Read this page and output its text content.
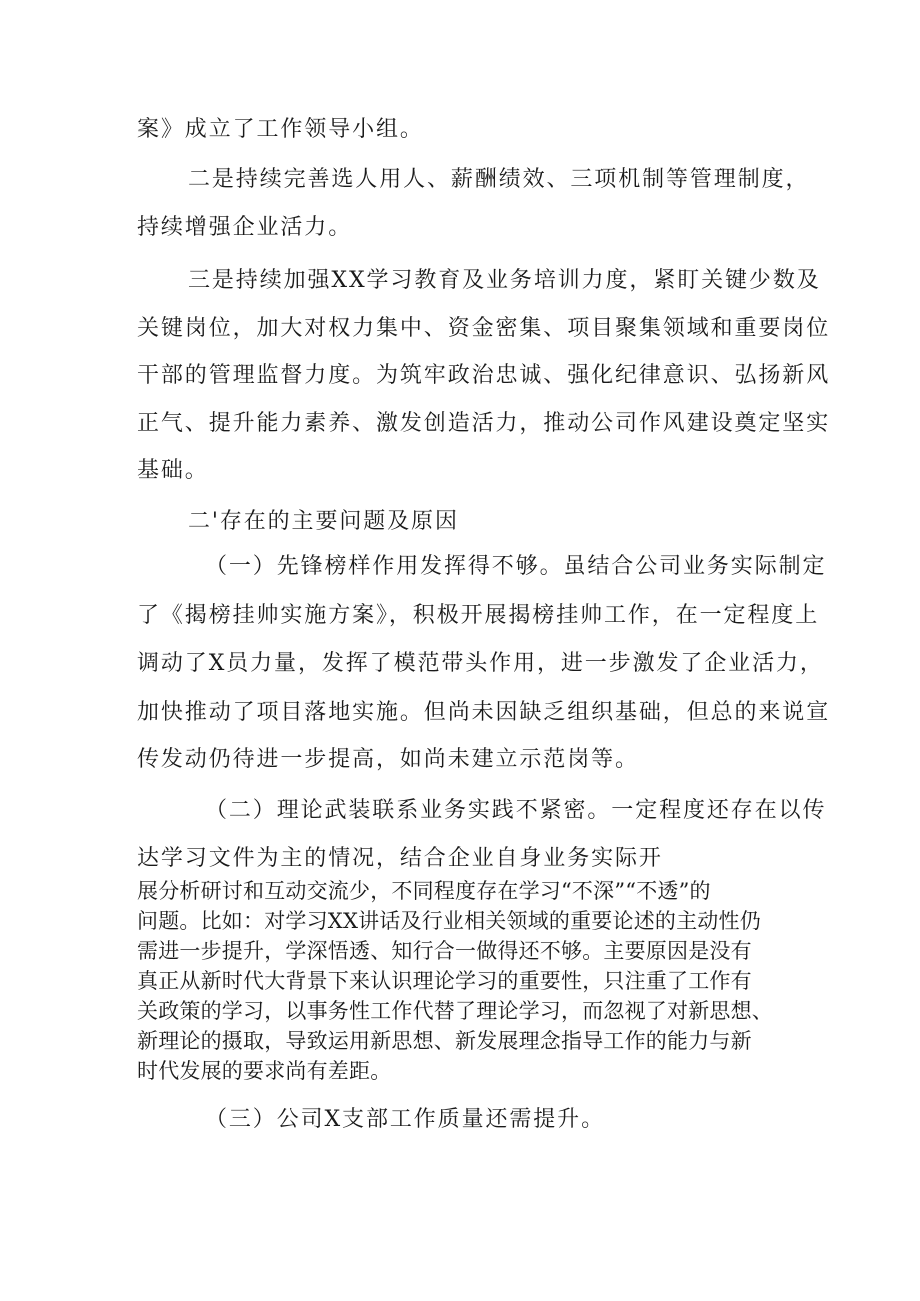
案》成立了工作领导小组。
二是持续完善选人用人、薪酬绩效、三项机制等管理制度，
持续增强企业活力。
三是持续加强XX学习教育及业务培训力度，紧盯关键少数及
关键岗位，加大对权力集中、资金密集、项目聚集领域和重要岗位
干部的管理监督力度。为筑牢政治忠诚、强化纪律意识、弘扬新风
正气、提升能力素养、激发创造活力，推动公司作风建设奠定坚实
基础。
二'存在的主要问题及原因
（一）先锋榜样作用发挥得不够。虽结合公司业务实际制定
了《揭榜挂帅实施方案》，积极开展揭榜挂帅工作，在一定程度上
调动了X员力量，发挥了模范带头作用，进一步激发了企业活力，
加快推动了项目落地实施。但尚未因缺乏组织基础，但总的来说宣
传发动仍待进一步提高，如尚未建立示范岗等。
（二）理论武装联系业务实践不紧密。一定程度还存在以传
达学习文件为主的情况，结合企业自身业务实际开
展分析研讨和互动交流少，不同程度存在学习“不深”“不透”的
问题。比如：对学习XX讲话及行业相关领域的重要论述的主动性仍
需进一步提升，学深悟透、知行合一做得还不够。主要原因是没有
真正从新时代大背景下来认识理论学习的重要性，只注重了工作有
关政策的学习，以事务性工作代替了理论学习，而忽视了对新思想、
新理论的摄取，导致运用新思想、新发展理念指导工作的能力与新
时代发展的要求尚有差距。
（三）公司X支部工作质量还需提升。
